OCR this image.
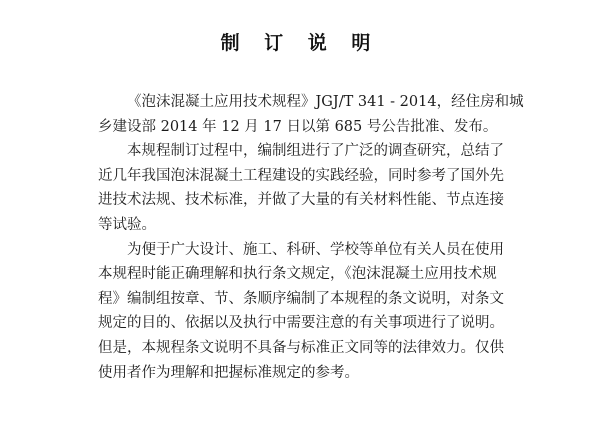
制 订 说 明
《泡沫混凝土应用技术规程》JGJ/T 341 - 2014，经住房和城
乡建设部 2014 年 12 月 17 日以第 685 号公告批准、发布。
本规程制订过程中，编制组进行了广泛的调查研究，总结了
近几年我国泡沫混凝土工程建设的实践经验，同时参考了国外先
进技术法规、技术标准，并做了大量的有关材料性能、节点连接
等试验。
为便于广大设计、施工、科研、学校等单位有关人员在使用
本规程时能正确理解和执行条文规定，《泡沫混凝土应用技术规
程》编制组按章、节、条顺序编制了本规程的条文说明，对条文
规定的目的、依据以及执行中需要注意的有关事项进行了说明。
但是，本规程条文说明不具备与标准正文同等的法律效力。仅供
使用者作为理解和把握标准规定的参考。
